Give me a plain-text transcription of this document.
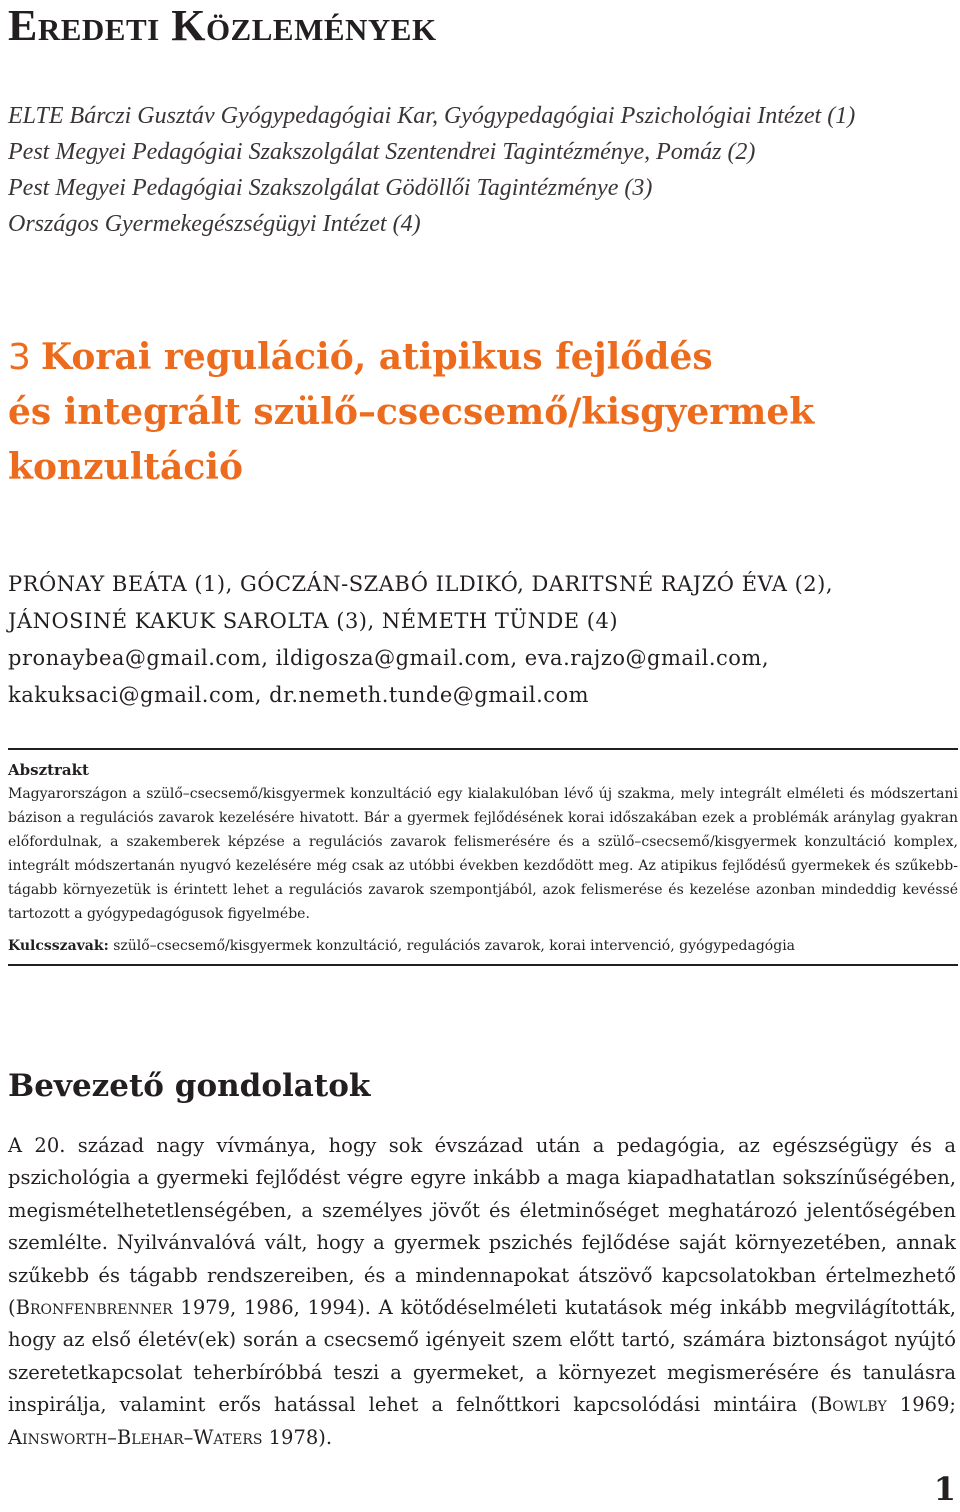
Eredeti Közlemények
ELTE Bárczi Gusztáv Gyógypedagógiai Kar, Gyógypedagógiai Pszichológiai Intézet (1)
Pest Megyei Pedagógiai Szakszolgálat Szentendrei Tagintézménye, Pomáz (2)
Pest Megyei Pedagógiai Szakszolgálat Gödöllői Tagintézménye (3)
Országos Gyermekegészségügyi Intézet (4)
3 Korai reguláció, atipikus fejlődés
és integrált szülő–csecsemő/kisgyermek
konzultáció
PRÓNAY BEÁTA (1), GÓCZÁN-SZABÓ ILDIKÓ, DARITSNÉ RAJZÓ ÉVA (2),
JÁNOSINÉ KAKUK SAROLTA (3), NÉMETH TÜNDE (4)
pronaybea@gmail.com, ildigosza@gmail.com, eva.rajzo@gmail.com,
kakuksaci@gmail.com, dr.nemeth.tunde@gmail.com
Absztrakt
Magyarországon a szülő–csecsemő/kisgyermek konzultáció egy kialakulóban lévő új szakma, mely integrált elméleti és módszertani bázison a regulációs zavarok kezelésére hivatott. Bár a gyermek fejlődésének korai időszakában ezek a problémák aránylag gyakran előfordulnak, a szakemberek képzése a regulációs zavarok felismerésére és a szülő–csecsemő/kisgyermek konzultáció komplex, integrált módszertanán nyugvó kezelésére még csak az utóbbi években kezdődött meg. Az atipikus fejlődésű gyermekek és szűkebb-tágabb környezetük is érintett lehet a regulációs zavarok szempontjából, azok felismerése és kezelése azonban mindeddig kevéssé tartozott a gyógypedagógusok figyelmébe.
Kulcsszavak: szülő–csecsemő/kisgyermek konzultáció, regulációs zavarok, korai intervenció, gyógypedagógia
Bevezető gondolatok
A 20. század nagy vívmánya, hogy sok évszázad után a pedagógia, az egészségügy és a pszichológia a gyermeki fejlődést végre egyre inkább a maga kiapadhatatlan sokszínűségében, megismételhetetlenségében, a személyes jövőt és életminőséget meghatározó jelentőségében szemlélte. Nyilvánvalóvá vált, hogy a gyermek pszichés fejlődése saját környezetében, annak szűkebb és tágabb rendszereiben, és a mindennapokat átszövő kapcsolatokban értelmezhető (Bronfenbrenner 1979, 1986, 1994). A kötődéselméleti kutatások még inkább megvilágították, hogy az első életév(ek) során a csecsemő igényeit szem előtt tartó, számára biztonságot nyújtó szeretetkapcsolat teherbíróbbá teszi a gyermeket, a környezet megismerésére és tanulásra inspirálja, valamint erős hatással lehet a felnőttkori kapcsolódási mintáira (Bowlby 1969; Ainsworth–Blehar–Waters 1978).
1
